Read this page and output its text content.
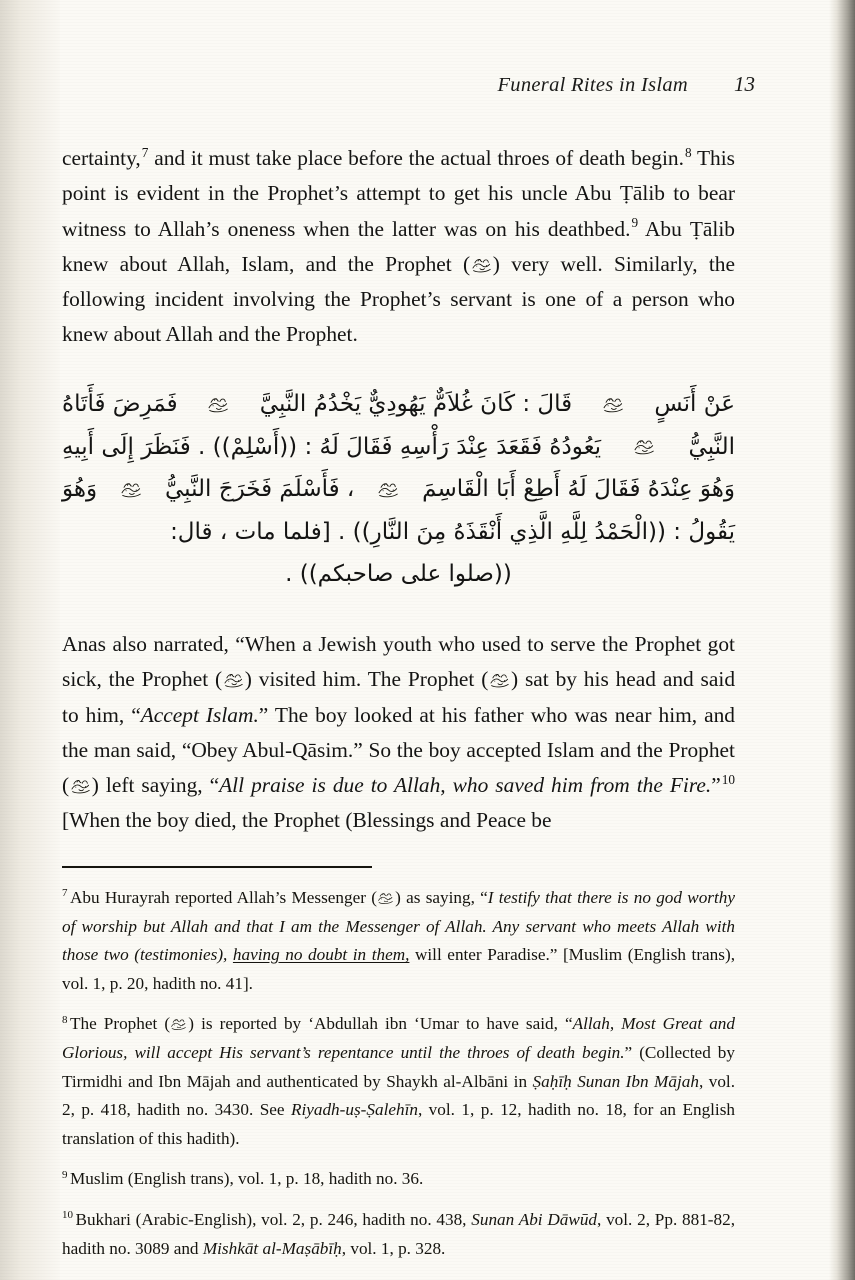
Funeral Rites in Islam 13

certainty,$^7$ and it must take place before the actual throes of death begin.$^8$ This point is evident in the Prophet’s attempt to get his uncle Abu Ṭālib to bear witness to Allah’s oneness when the latter was on his deathbed.$^9$ Abu Ṭālib knew about Allah, Islam, and the Prophet ( ) very well. Similarly, the following incident involving the Prophet’s servant is one of a person who knew about Allah and the Prophet.

Anas also narrated, “When a Jewish youth who used to serve the Prophet got sick, the Prophet ( ) visited him. The Prophet ( ) sat by his head and said to him, “Accept Islam.” The boy looked at his father who was near him, and the man said, “Obey Abul-Qāsim.” So the boy accepted Islam and the Prophet ( ) left saying, “All praise is due to Allah, who saved him from the Fire.”$^{10}$ [When the boy died, the Prophet (Blessings and Peace be

عَنْ أَنَسٍ
قَالَ : كَانَ غُلاَمٌّ يَهُودِيٌّ يَخْدُمُ النَّبِيَّ
فَمَرِضَ فَأَتَاهُ
النَّبِيُّ
يَعُودُهُ فَقَعَدَ عِنْدَ رَأْسِهِ فَقَالَ لَهُ : ((أَسْلِمْ)) . فَنَظَرَ إِلَى أَبِيهِ
وَهُوَ عِنْدَهُ فَقَالَ لَهُ أَطِعْ أَبَا الْقَاسِمَ
، فَأَسْلَمَ فَخَرَجَ النَّبِيُّ
وَهُوَ
يَقُولُ : ((الْحَمْدُ لِلَّهِ الَّذِي أَنْقَذَهُ مِنَ النَّارِ)) . [فلما مات ، قال:
((صلوا على صاحبكم)) .

$^7$ Abu Hurayrah reported Allah’s Messenger ( ) as saying, “I testify that there is no god worthy of worship but Allah and that I am the Messenger of Allah. Any servant who meets Allah with those two (testimonies), having no doubt in them, will enter Paradise.” [Muslim (English trans), vol. 1, p. 20, hadith no. 41].

$^8$ The Prophet ( ) is reported by ‘Abdullah ibn ‘Umar to have said, “Allah, Most Great and Glorious, will accept His servant’s repentance until the throes of death begin.” (Collected by Tirmidhi and Ibn Mājah and authenticated by Shaykh al-Albāni in Ṣaḥīḥ Sunan Ibn Mājah, vol. 2, p. 418, hadith no. 3430. See Riyadh-uṣ-Ṣalehīn, vol. 1, p. 12, hadith no. 18, for an English translation of this hadith).

$^9$ Muslim (English trans), vol. 1, p. 18, hadith no. 36.

$^{10}$ Bukhari (Arabic-English), vol. 2, p. 246, hadith no. 438, Sunan Abi Dāwūd, vol. 2, Pp. 881-82, hadith no. 3089 and Mishkāt al-Maṣābīḥ, vol. 1, p. 328.
